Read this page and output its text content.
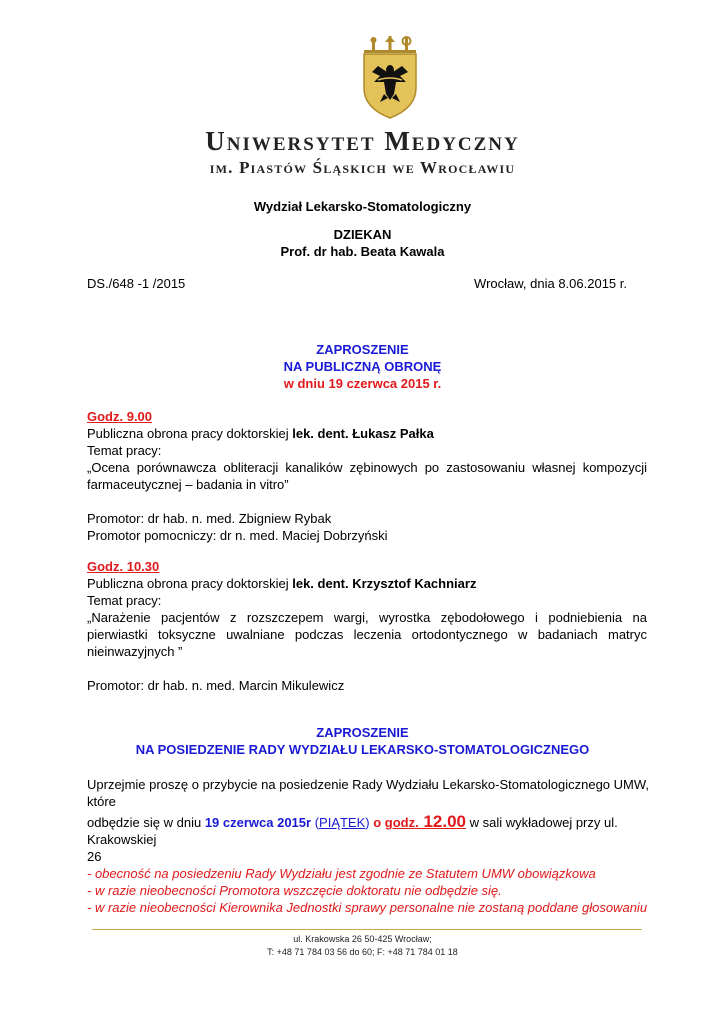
Uniwersytet Medyczny
im. Piastów Śląskich we Wrocławiu
Wydział Lekarsko-Stomatologiczny
DZIEKAN
Prof. dr hab. Beata Kawala
DS./648 -1 /2015	Wrocław, dnia 8.06.2015 r.
ZAPROSZENIE
NA PUBLICZNĄ OBRONĘ
w dniu 19 czerwca 2015 r.
Godz. 9.00
Publiczna obrona pracy doktorskiej lek. dent. Łukasz Pałka
Temat pracy:
„Ocena porównawcza obliteracji kanalików zębinowych po zastosowaniu własnej kompozycji farmaceutycznej – badania in vitro”
Promotor: dr hab. n. med. Zbigniew Rybak
Promotor pomocniczy: dr n. med. Maciej Dobrzyński
Godz. 10.30
Publiczna obrona pracy doktorskiej lek. dent. Krzysztof Kachniarz
Temat pracy:
„Narażenie pacjentów z rozszczepem wargi, wyrostka zębodołowego i podniebienia na pierwiastki toksyczne uwalniane podczas leczenia ortodontycznego w badaniach matryc nieinwazyjnych ”
Promotor: dr hab. n. med. Marcin Mikulewicz
ZAPROSZENIE
NA POSIEDZENIE RADY WYDZIAŁU LEKARSKO-STOMATOLOGICZNEGO
Uprzejmie proszę o przybycie na posiedzenie Rady Wydziału Lekarsko-Stomatologicznego UMW, które
odbędzie się w dniu 19 czerwca 2015r (PIĄTEK) o godz. 12.00 w sali wykładowej przy ul. Krakowskiej
26
- obecność na posiedzeniu Rady Wydziału jest zgodnie ze Statutem UMW obowiązkowa
- w razie nieobecności Promotora wszczęcie doktoratu nie odbędzie się.
- w razie nieobecności Kierownika Jednostki sprawy personalne nie zostaną poddane głosowaniu
ul. Krakowska 26 50-425 Wrocław;
T: +48 71 784 03 56 do 60; F: +48 71 784 01 18
